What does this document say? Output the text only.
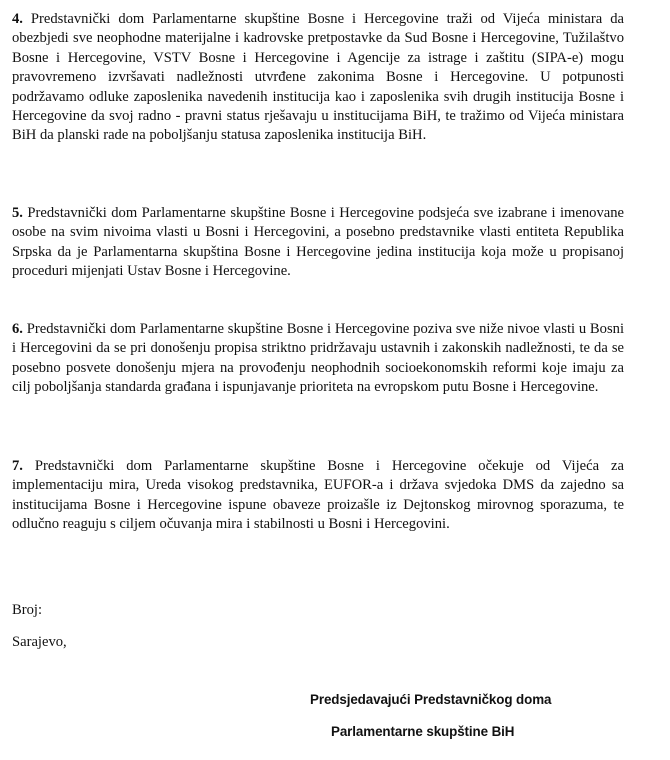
4. Predstavnički dom Parlamentarne skupštine Bosne i Hercegovine traži od Vijeća ministara da obezbjedi sve neophodne materijalne i kadrovske pretpostavke da Sud Bosne i Hercegovine, Tužilaštvo Bosne i Hercegovine, VSTV Bosne i Hercegovine i Agencije za istrage i zaštitu (SIPA-e) mogu pravovremeno izvršavati nadležnosti utvrđene zakonima Bosne i Hercegovine. U potpunosti podržavamo odluke zaposlenika navedenih institucija kao i zaposlenika svih drugih institucija Bosne i Hercegovine da svoj radno - pravni status rješavaju u institucijama BiH, te tražimo od Vijeća ministara BiH da planski rade na poboljšanju statusa zaposlenika institucija BiH.
5. Predstavnički dom Parlamentarne skupštine Bosne i Hercegovine podsjeća sve izabrane i imenovane osobe na svim nivoima vlasti u Bosni i Hercegovini, a posebno predstavnike vlasti entiteta Republika Srpska da je Parlamentarna skupština Bosne i Hercegovine jedina institucija koja može u propisanoj proceduri mijenjati Ustav Bosne i Hercegovine.
6. Predstavnički dom Parlamentarne skupštine Bosne i Hercegovine poziva sve niže nivoe vlasti u Bosni i Hercegovini da se pri donošenju propisa striktno pridržavaju ustavnih i zakonskih nadležnosti, te da se posebno posvete donošenju mjera na provođenju neophodnih socioekonomskih reformi koje imaju za cilj poboljšanja standarda građana i ispunjavanje prioriteta na evropskom putu Bosne i Hercegovine.
7. Predstavnički dom Parlamentarne skupštine Bosne i Hercegovine očekuje od Vijeća za implementaciju mira, Ureda visokog predstavnika, EUFOR-a i država svjedoka DMS da zajedno sa institucijama Bosne i Hercegovine ispune obaveze proizašle iz Dejtonskog mirovnog sporazuma, te odlučno reaguju s ciljem očuvanja mira i stabilnosti u Bosni i Hercegovini.
Broj:
Sarajevo,
Predsjedavajući Predstavničkog doma
Parlamentarne skupštine BiH
